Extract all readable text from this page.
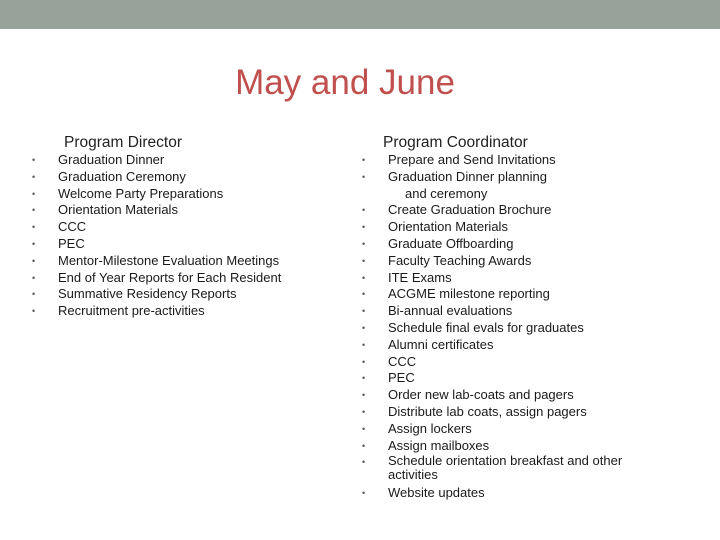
May and June
Program Director	Program Coordinator
•	Graduation Dinner
•	Graduation Ceremony
•	Welcome Party Preparations
•	Orientation Materials
•	CCC
•	PEC
•	Mentor-Milestone Evaluation Meetings
•	End of Year Reports for Each Resident
•	Summative Residency Reports
•	Recruitment pre-activities
•	Prepare and Send Invitations
•	Graduation Dinner planning
and ceremony
•	Create Graduation Brochure
•	Orientation Materials
•	Graduate Offboarding
•	Faculty Teaching Awards
•	ITE Exams
•	ACGME milestone reporting
•	Bi-annual evaluations
•	Schedule final evals for graduates
•	Alumni certificates
•	CCC
•	PEC
•	Order new lab-coats and pagers
•	Distribute lab coats, assign pagers
•	Assign lockers
•	Assign mailboxes
•	Schedule orientation breakfast and other activities
•	Website updates
